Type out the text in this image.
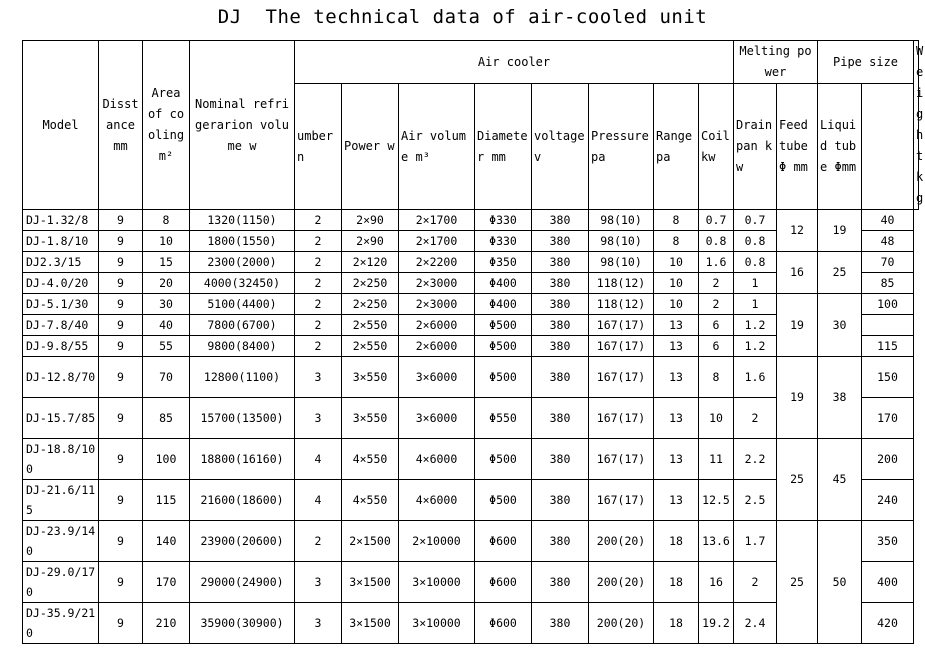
DJ  The technical data of air-cooled unit
Model	Disstance mm	Area of cooling m²	Nominal refrigerarion volume w	Air cooler								Melting power		Pipe size		Weight kg
				umber n	Power w	Air volume m³	Diameter mm	voltage v	Pressure pa	Range pa	Coil kw	Drain pan kw	Feed tube Φ mm	Liquid tube Φmm		
DJ-1.32/8	9	8	1320(1150)	2	2×90	2×1700	Φ330	380	98(10)	8	0.7	0.7	12	19	40	
DJ-1.8/10	9	10	1800(1550)	2	2×90	2×1700	Φ330	380	98(10)	8	0.8	0.8			48	
DJ2.3/15	9	15	2300(2000)	2	2×120	2×2200	Φ350	380	98(10)	10	1.6	0.8	16	25	70	
DJ-4.0/20	9	20	4000(32450)	2	2×250	2×3000	Φ400	380	118(12)	10	2	1			85	
DJ-5.1/30	9	30	5100(4400)	2	2×250	2×3000	Φ400	380	118(12)	10	2	1	19	30	100	
DJ-7.8/40	9	40	7800(6700)	2	2×550	2×6000	Φ500	380	167(17)	13	6	1.2				
DJ-9.8/55	9	55	9800(8400)	2	2×550	2×6000	Φ500	380	167(17)	13	6	1.2			115	
DJ-12.8/70	9	70	12800(1100)	3	3×550	3×6000	Φ500	380	167(17)	13	8	1.6	19	38	150	
DJ-15.7/85	9	85	15700(13500)	3	3×550	3×6000	Φ550	380	167(17)	13	10	2			170	
DJ-18.8/100	9	100	18800(16160)	4	4×550	4×6000	Φ500	380	167(17)	13	11	2.2	25	45	200	
DJ-21.6/115	9	115	21600(18600)	4	4×550	4×6000	Φ500	380	167(17)	13	12.5	2.5			240	
DJ-23.9/140	9	140	23900(20600)	2	2×1500	2×10000	Φ600	380	200(20)	18	13.6	1.7	25	50	350	
DJ-29.0/170	9	170	29000(24900)	3	3×1500	3×10000	Φ600	380	200(20)	18	16	2			400	
DJ-35.9/210	9	210	35900(30900)	3	3×1500	3×10000	Φ600	380	200(20)	18	19.2	2.4			420	
